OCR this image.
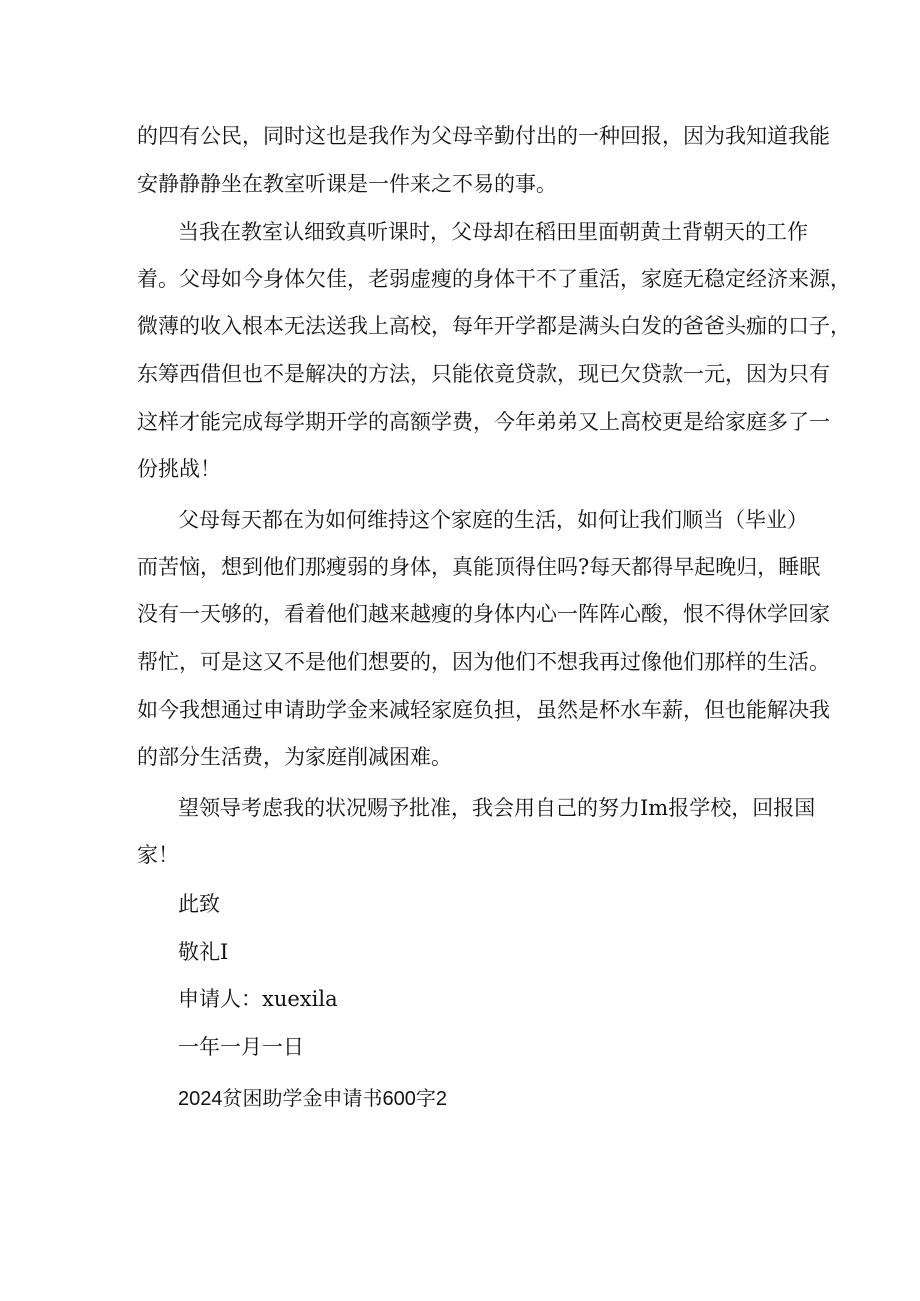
的四有公民，同时这也是我作为父母辛勤付出的一种回报，因为我知道我能
安静静静坐在教室听课是一件来之不易的事。
当我在教室认细致真听课时，父母却在稻田里面朝黄土背朝天的工作
着。父母如今身体欠佳，老弱虚瘦的身体干不了重活，家庭无稳定经济来源，
微薄的收入根本无法送我上高校，每年开学都是满头白发的爸爸头痂的口子，
东筹西借但也不是解决的方法，只能依竟贷款，现已欠贷款一元，因为只有
这样才能完成每学期开学的高额学费，今年弟弟又上高校更是给家庭多了一
份挑战！
父母每天都在为如何维持这个家庭的生活，如何让我们顺当（毕业）
而苦恼，想到他们那瘦弱的身体，真能顶得住吗?每天都得早起晚归，睡眠
没有一天够的，看着他们越来越瘦的身体内心一阵阵心酸，恨不得休学回家
帮忙，可是这又不是他们想要的，因为他们不想我再过像他们那样的生活。
如今我想通过申请助学金来减轻家庭负担，虽然是杯水车薪，但也能解决我
的部分生活费，为家庭削减困难。
望领导考虑我的状况赐予批准，我会用自己的努力Im报学校，回报国
家！
此致
敬礼I
申请人：xuexila
一年一月一日
2024贫困助学金申请书600字2
